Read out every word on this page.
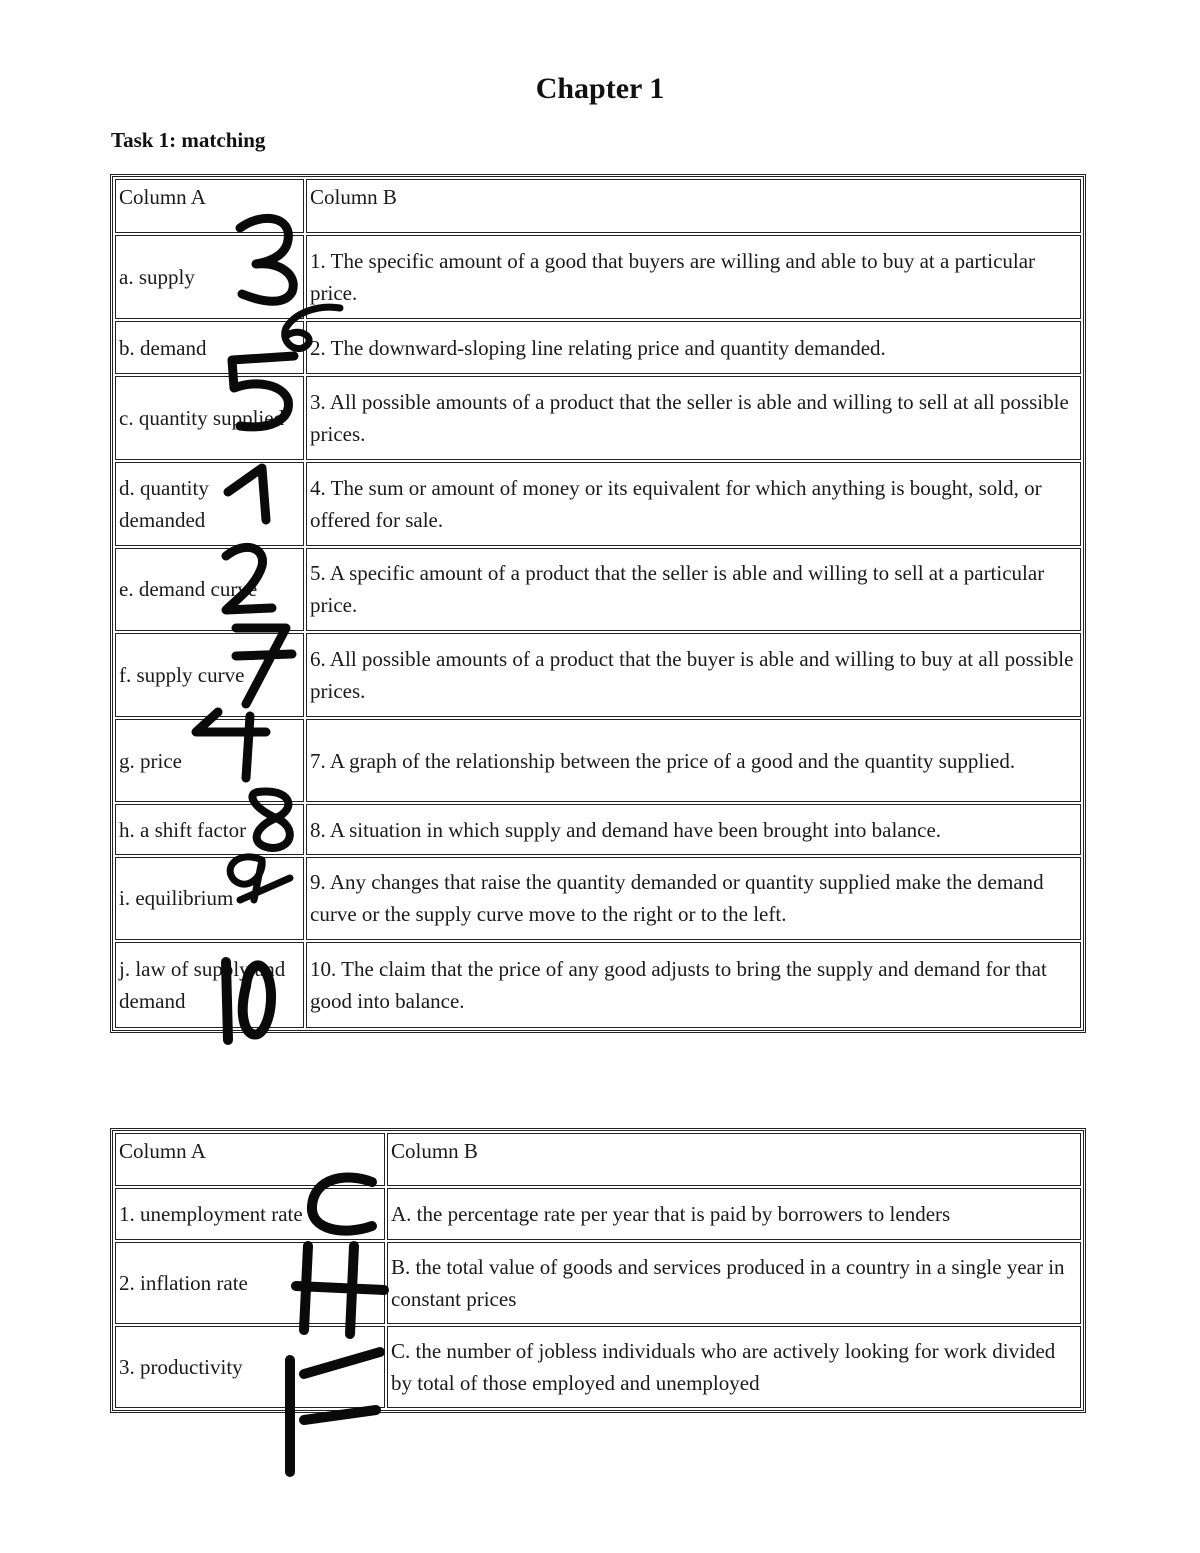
Chapter 1
Task 1: matching
Column A	Column B
a. supply	1. The specific amount of a good that buyers are willing and able to buy at a particular price.
b. demand	2. The downward-sloping line relating price and quantity demanded.
c. quantity supplied	3. All possible amounts of a product that the seller is able and willing to sell at all possible prices.
d. quantity demanded	4. The sum or amount of money or its equivalent for which anything is bought, sold, or offered for sale.
e. demand curve	5. A specific amount of a product that the seller is able and willing to sell at a particular price.
f. supply curve	6. All possible amounts of a product that the buyer is able and willing to buy at all possible prices.
g. price	7. A graph of the relationship between the price of a good and the quantity supplied.
h. a shift factor	8. A situation in which supply and demand have been brought into balance.
i. equilibrium	9. Any changes that raise the quantity demanded or quantity supplied make the demand curve or the supply curve move to the right or to the left.
j. law of supply and demand	10. The claim that the price of any good adjusts to bring the supply and demand for that good into balance.
Column A	Column B
1. unemployment rate	A. the percentage rate per year that is paid by borrowers to lenders
2. inflation rate	B. the total value of goods and services produced in a country in a single year in constant prices
3. productivity	C. the number of jobless individuals who are actively looking for work divided by total of those employed and unemployed
